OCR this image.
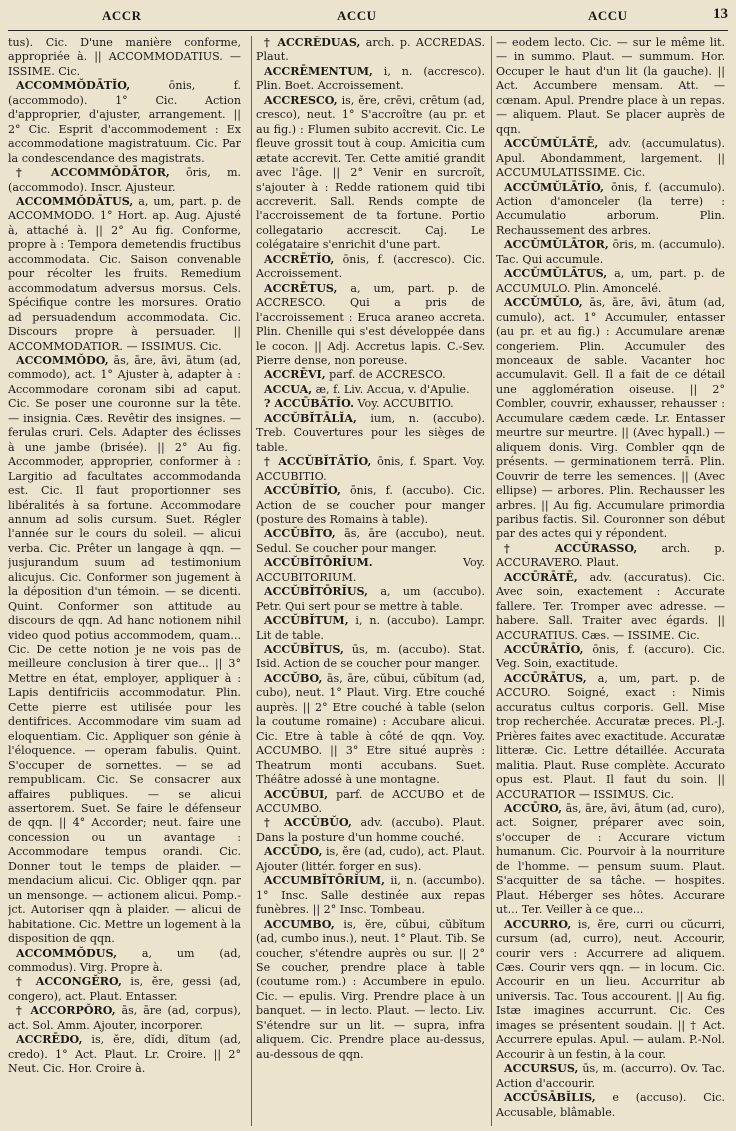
ACCR	ACCU	ACCU	13

tus). Cic. D'une manière conforme, appropriée à. || ACCOMMODATIUS. — ISSIME. Cic.

ACCOMMŎDĀTĬO,	ōnis, f. (accommodo). 1° Cic. Action d'approprier, d'ajuster, arrangement. || 2° Cic. Esprit d'accommodement : Ex accommodatione magistratuum. Cic. Par la condescendance des magistrats.

† ACCOMMŎDĀTOR, ōris, m. (accommodo). Inscr. Ajusteur.

ACCOMMŎDĀTUS, a, um, part. p. de ACCOMMODO. 1° Hort. ap. Aug. Ajusté à, attaché à. || 2° Au fig. Conforme, propre à : Tempora demetendis fructibus accommodata. Cic. Saison convenable pour récolter les fruits. Remedium accommodatum adversus morsus. Cels. Spécifique contre les morsures. Oratio ad persuadendum accommodata. Cic. Discours propre à persuader. || ACCOMMODATIOR. — ISSIMUS. Cic.

ACCOMMŎDO, ās, āre, āvi, ātum (ad, commodo), act. 1° Ajuster à, adapter à : Accommodare coronam sibi ad caput. Cic. Se poser une couronne sur la tête. — insignia. Cæs. Revêtir des insignes. — ferulas cruri. Cels. Adapter des éclisses à une jambe (brisée). || 2° Au fig. Accommoder, approprier, conformer à : Largitio ad facultates accommodanda est. Cic. Il faut proportionner ses libéralités à sa fortune. Accommodare annum ad solis cursum. Suet. Régler l'année sur le cours du soleil. — alicui verba. Cic. Prêter un langage à qqn. — jusjurandum suum ad testimonium alicujus. Cic. Conformer son jugement à la déposition d'un témoin. — se dicenti. Quint. Conformer son attitude au discours de qqn. Ad hanc notionem nihil video quod potius accommodem, quam... Cic. De cette notion je ne vois pas de meilleure conclusion à tirer que... || 3° Mettre en état, employer, appliquer à : Lapis dentifriciis accommodatur. Plin. Cette pierre est utilisée pour les dentifrices. Accommodare vim suam ad eloquentiam. Cic. Appliquer son génie à l'éloquence. — operam fabulis. Quint. S'occuper de sornettes. — se ad rempublicam. Cic. Se consacrer aux affaires publiques. — se alicui assertorem. Suet. Se faire le défenseur de qqn. || 4° Accorder; neut. faire une concession ou un avantage : Accommodare tempus orandi. Cic. Donner tout le temps de plaider. — mendacium alicui. Cic. Obliger qqn. par un mensonge. — actionem alicui. Pomp.-jct. Autoriser qqn à plaider. — alicui de habitatione. Cic. Mettre un logement à la disposition de qqn.

ACCOMMŎDUS, a, um (ad, commodus). Virg. Propre à.

† ACCONGĔRO, is, ĕre, gessi (ad, congero), act. Plaut. Entasser.

† ACCORPŎRO, ās, āre (ad, corpus), act. Sol. Amm. Ajouter, incorporer.

ACCRĒDO, is, ĕre, dĭdi, dĭtum (ad, credo). 1° Act. Plaut. Lr. Croire. || 2° Neut. Cic. Hor. Croire à.

† ACCRĒDUAS, arch. p. ACCREDAS. Plaut.

ACCRĒMENTUM, i, n. (accresco). Plin. Boet. Accroissement.

ACCRESCO, is, ĕre, crēvi, crētum (ad, cresco), neut. 1° S'accroître (au pr. et au fig.) : Flumen subito accrevit. Cic. Le fleuve grossit tout à coup. Amicitia cum ætate accrevit. Ter. Cette amitié grandit avec l'âge. || 2° Venir en surcroît, s'ajouter à : Redde rationem quid tibi accreverit. Sall. Rends compte de l'accroissement de ta fortune. Portio collegatario accrescit. Caj. Le colégataire s'enrichit d'une part.

ACCRĒTĬO, ōnis, f. (accresco). Cic. Accroissement.

ACCRĒTUS, a, um, part. p. de ACCRESCO. Qui a pris de l'accroissement : Eruca araneo accreta. Plin. Chenille qui s'est développée dans le cocon. || Adj. Accretus lapis. C.-Sev. Pierre dense, non poreuse.

ACCRĒVI, parf. de ACCRESCO.

ACCUA, æ, f. Liv. Accua, v. d'Apulie.

? ACCŪBĀTĬO. Voy. ACCUBITIO.

ACCŬBĬTĀLĬA, ium, n. (accubo). Treb. Couvertures pour les sièges de table.

† ACCŬBĬTĀTĬO, ōnis, f. Spart. Voy. ACCUBITIO.

ACCŬBĬTĬO, ōnis, f. (accubo). Cic. Action de se coucher pour manger (posture des Romains à table).

ACCŬBĬTO, ās, āre (accubo), neut. Sedul. Se coucher pour manger.

ACCŬBĬTŌRĬUM.	Voy. ACCUBITORIUM.

ACCŬBĬTŌRĬUS, a, um (accubo). Petr. Qui sert pour se mettre à table.

ACCŬBĬTUM, i, n. (accubo). Lampr. Lit de table.

ACCŬBĬTUS, ūs, m. (accubo). Stat. Isid. Action de se coucher pour manger.

ACCŬBO, ās, āre, cŭbui, cŭbĭtum (ad, cubo), neut. 1° Plaut. Virg. Etre couché auprès. || 2° Etre couché à table (selon la coutume romaine) : Accubare alicui. Cic. Etre à table à côté de qqn. Voy. ACCUMBO. || 3° Etre situé auprès : Theatrum monti accubans. Suet. Théâtre adossé à une montagne.

ACCŬBUI, parf. de ACCUBO et de ACCUMBO.

† ACCŬBŬO, adv. (accubo). Plaut. Dans la posture d'un homme couché.

ACCŪDO, is, ĕre (ad, cudo), act. Plaut. Ajouter (littér. forger en sus).

ACCUMBĬTŌRĬUM, ii, n. (accumbo). 1° Insc. Salle destinée aux repas funèbres. || 2° Insc. Tombeau.

ACCUMBO, is, ĕre, cŭbui, cŭbĭtum (ad, cumbo inus.), neut. 1° Plaut. Tib. Se coucher, s'étendre auprès ou sur. || 2° Se coucher, prendre place à table (coutume rom.) : Accumbere in epulo. Cic. — epulis. Virg. Prendre place à un banquet. — in lecto. Plaut. — lecto. Liv. S'étendre sur un lit. — supra, infra aliquem. Cic. Prendre place au-dessus, au-dessous de qqn.

— eodem lecto. Cic. — sur le même lit. — in summo. Plaut. — summum. Hor. Occuper le haut d'un lit (la gauche). || Act. Accumbere mensam. Att. — cœnam. Apul. Prendre place à un repas. — aliquem. Plaut. Se placer auprès de qqn.

ACCŬMŬLĀTĒ, adv. (accumulatus). Apul. Abondamment, largement. || ACCUMULATISSIME. Cic.

ACCŬMŬLĀTĬO, ōnis, f. (accumulo). Action d'amonceler (la terre) : Accumulatio arborum. Plin. Rechaussement des arbres.

ACCŬMŬLĀTOR, ōris, m. (accumulo). Tac. Qui accumule.

ACCŬMŬLĀTUS, a, um, part. p. de ACCUMULO. Plin. Amoncelé.

ACCŬMŬLO, ās, āre, āvi, ātum (ad, cumulo), act. 1° Accumuler, entasser (au pr. et au fig.) : Accumulare arenæ congeriem. Plin. Accumuler des monceaux de sable. Vacanter hoc accumulavit. Gell. Il a fait de ce détail une agglomération oiseuse. || 2° Combler, couvrir, exhausser, rehausser : Accumulare cædem cæde. Lr. Entasser meurtre sur meurtre. || (Avec hypall.) — aliquem donis. Virg. Combler qqn de présents. — germinationem terrā. Plin. Couvrir de terre les semences. || (Avec ellipse) — arbores. Plin. Rechausser les arbres. || Au fig. Accumulare primordia paribus factis. Sil. Couronner son début par des actes qui y répondent.

† ACCŬRASSO, arch. p. ACCURAVERO. Plaut.

ACCŪRĀTĒ, adv. (accuratus). Cic. Avec soin, exactement : Accurate fallere. Ter. Tromper avec adresse. — habere. Sall. Traiter avec égards. || ACCURATIUS. Cæs. — ISSIME. Cic.

ACCŪRĀTĬO, ōnis, f. (accuro). Cic. Veg. Soin, exactitude.

ACCŪRĀTUS, a, um, part. p. de ACCURO. Soigné, exact : Nimis accuratus cultus corporis. Gell. Mise trop recherchée. Accuratæ preces. Pl.-J. Prières faites avec exactitude. Accuratæ litteræ. Cic. Lettre détaillée. Accurata malitia. Plaut. Ruse complète. Accurato opus est. Plaut. Il faut du soin. || ACCURATIOR — ISSIMUS. Cic.

ACCŪRO, ās, āre, āvi, ātum (ad, curo), act. Soigner, préparer avec soin, s'occuper de : Accurare victum humanum. Cic. Pourvoir à la nourriture de l'homme. — pensum suum. Plaut. S'acquitter de sa tâche. — hospites. Plaut. Héberger ses hôtes. Accurare ut... Ter. Veiller à ce que...

ACCURRO, is, ĕre, curri ou cŭcurri, cursum (ad, curro), neut. Accourir, courir vers : Accurrere ad aliquem. Cæs. Courir vers qqn. — in locum. Cic. Accourir en un lieu. Accurritur ab universis. Tac. Tous accourent. || Au fig. Istæ imagines accurrunt. Cic. Ces images se présentent soudain. || † Act. Accurrere epulas. Apul. — aulam. P.-Nol. Accourir à un festin, à la cour.

ACCURSUS, ūs, m. (accurro). Ov. Tac. Action d'accourir.

ACCŪSĀBĬLIS, e (accuso). Cic. Accusable, blâmable.
